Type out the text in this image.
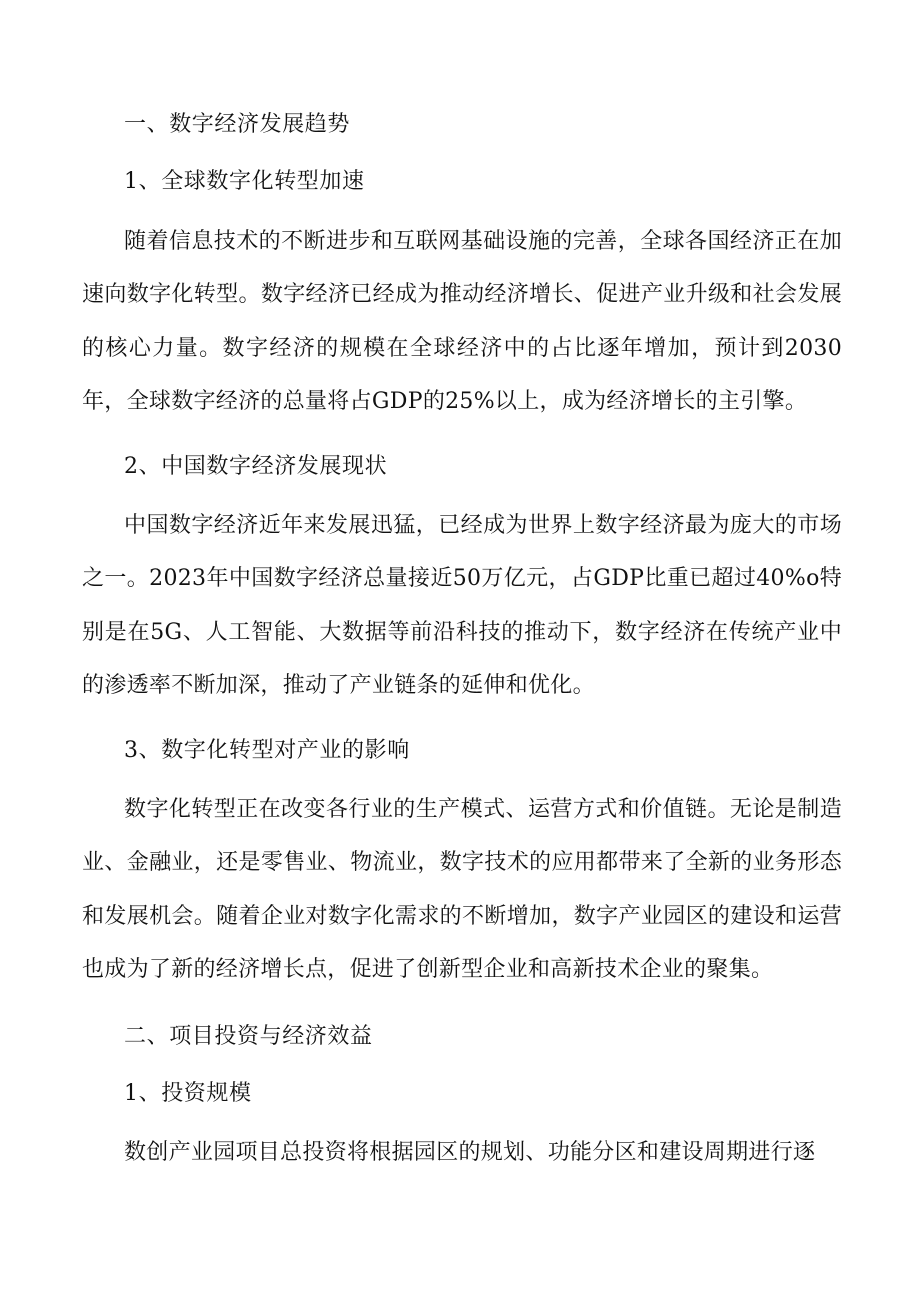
一、数字经济发展趋势
1、全球数字化转型加速
随着信息技术的不断进步和互联网基础设施的完善，全球各国经济正在加速向数字化转型。数字经济已经成为推动经济增长、促进产业升级和社会发展的核心力量。数字经济的规模在全球经济中的占比逐年增加，预计到2030年，全球数字经济的总量将占GDP的25%以上，成为经济增长的主引擎。
2、中国数字经济发展现状
中国数字经济近年来发展迅猛，已经成为世界上数字经济最为庞大的市场之一。2023年中国数字经济总量接近50万亿元，占GDP比重已超过40%o特别是在5G、人工智能、大数据等前沿科技的推动下，数字经济在传统产业中的渗透率不断加深，推动了产业链条的延伸和优化。
3、数字化转型对产业的影响
数字化转型正在改变各行业的生产模式、运营方式和价值链。无论是制造业、金融业，还是零售业、物流业，数字技术的应用都带来了全新的业务形态和发展机会。随着企业对数字化需求的不断增加，数字产业园区的建设和运营也成为了新的经济增长点，促进了创新型企业和高新技术企业的聚集。
二、项目投资与经济效益
1、投资规模
数创产业园项目总投资将根据园区的规划、功能分区和建设周期进行逐
